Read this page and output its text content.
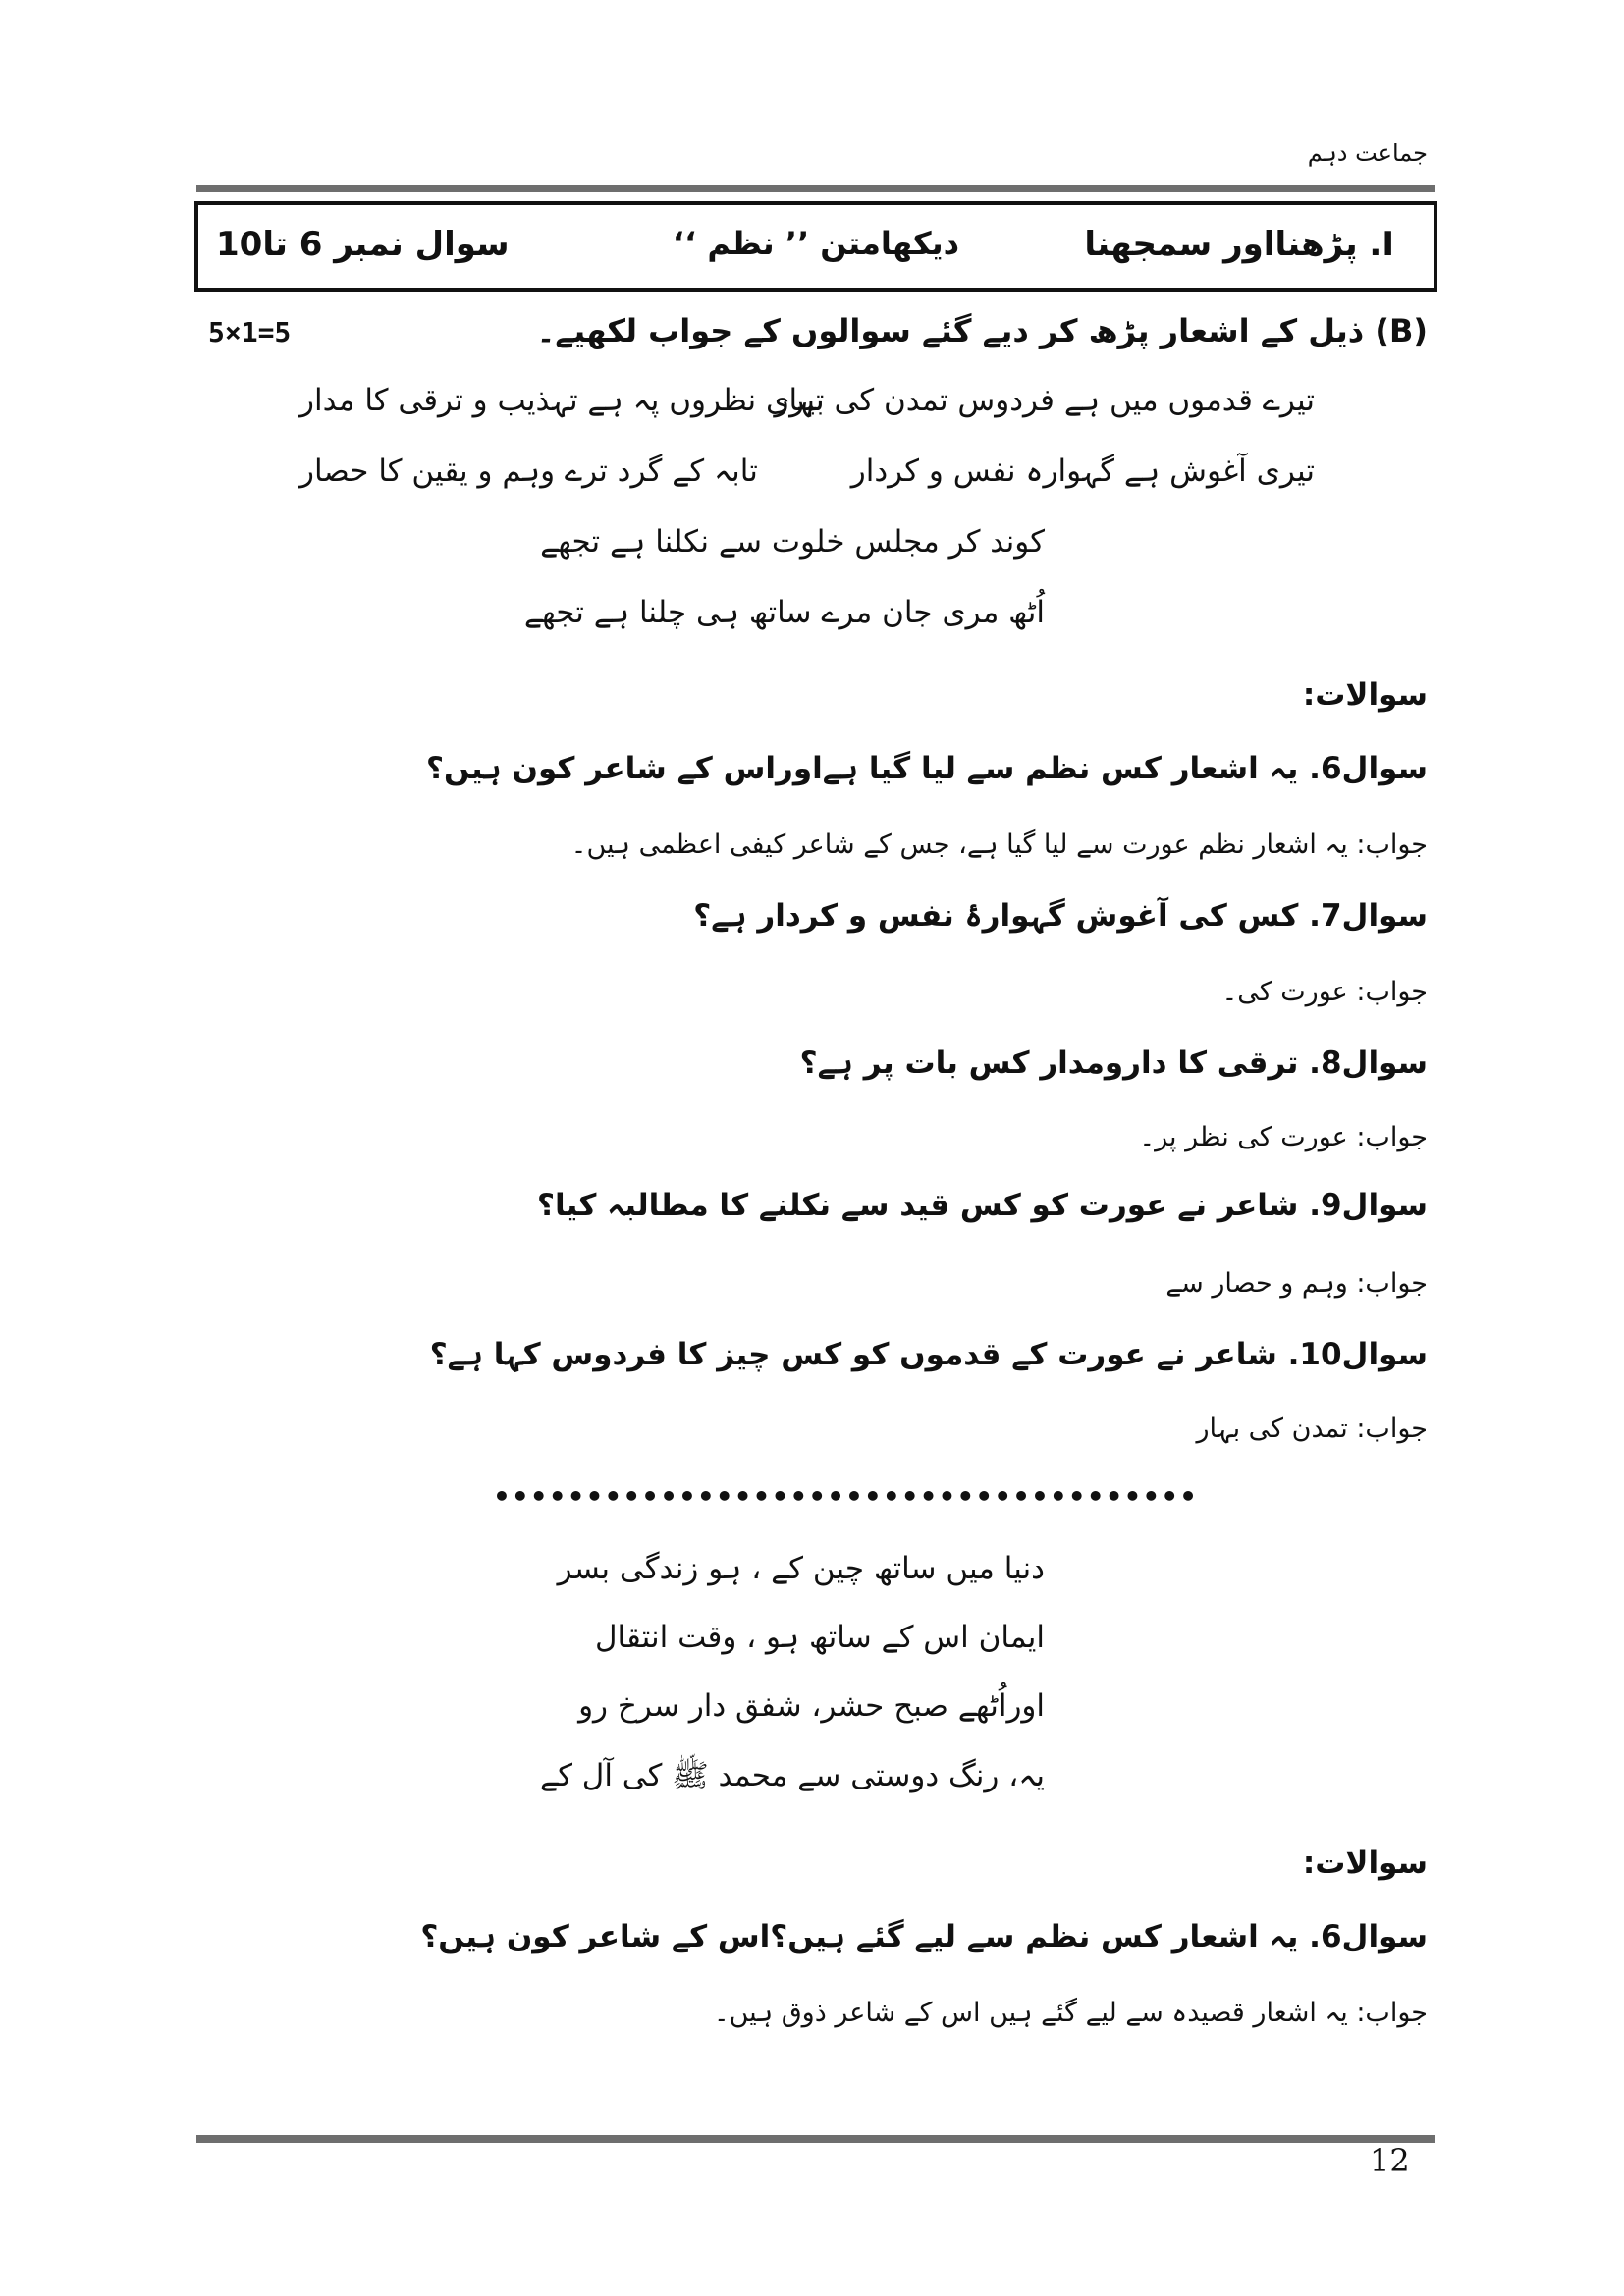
جماعت دہم
I. پڑھنااور سمجھنا
دیکھامتن ’’ نظم ‘‘
سوال نمبر 6 تا10
5×1=5	(B) ذیل کے اشعار پڑھ کر دیے گئے سوالوں کے جواب لکھیے۔
تیرے قدموں میں ہے فردوس تمدن کی بہار
تیری نظروں پہ ہے تہذیب و ترقی کا مدار
تیری آغوش ہے گہوارہ نفس و کردار
تابہ کے گرد ترے وہم و یقین کا حصار
کوند کر مجلس خلوت سے نکلنا ہے تجھے
اُٹھ مری جان مرے ساتھ ہی چلنا ہے تجھے
سوالات:
سوال6. یہ اشعار کس نظم سے لیا گیا ہےاوراس کے شاعر کون ہیں؟
جواب: یہ اشعار نظم عورت سے لیا گیا ہے، جس کے شاعر کیفی اعظمی ہیں۔
سوال7. کس کی آغوش گہوارۂ نفس و کردار ہے؟
جواب: عورت کی۔
سوال8. ترقی کا دارومدار کس بات پر ہے؟
جواب: عورت کی نظر پر۔
سوال9. شاعر نے عورت کو کس قید سے نکلنے کا مطالبہ کیا؟
جواب: وہم و حصار سے
سوال10. شاعر نے عورت کے قدموں کو کس چیز کا فردوس کہا ہے؟
جواب: تمدن کی بہار
••••••••••••••••••••••••••••••••••••••
دنیا میں ساتھ چین کے ، ہو زندگی بسر
ایمان اس کے ساتھ ہو ، وقت انتقال
اوراُٹھے صبح حشر، شفق دار سرخ رو
یہ، رنگ دوستی سے محمد ﷺ کی آل کے
سوالات:
سوال6. یہ اشعار کس نظم سے لیے گئے ہیں؟اس کے شاعر کون ہیں؟
جواب: یہ اشعار قصیدہ سے لیے گئے ہیں اس کے شاعر ذوق ہیں۔
12
